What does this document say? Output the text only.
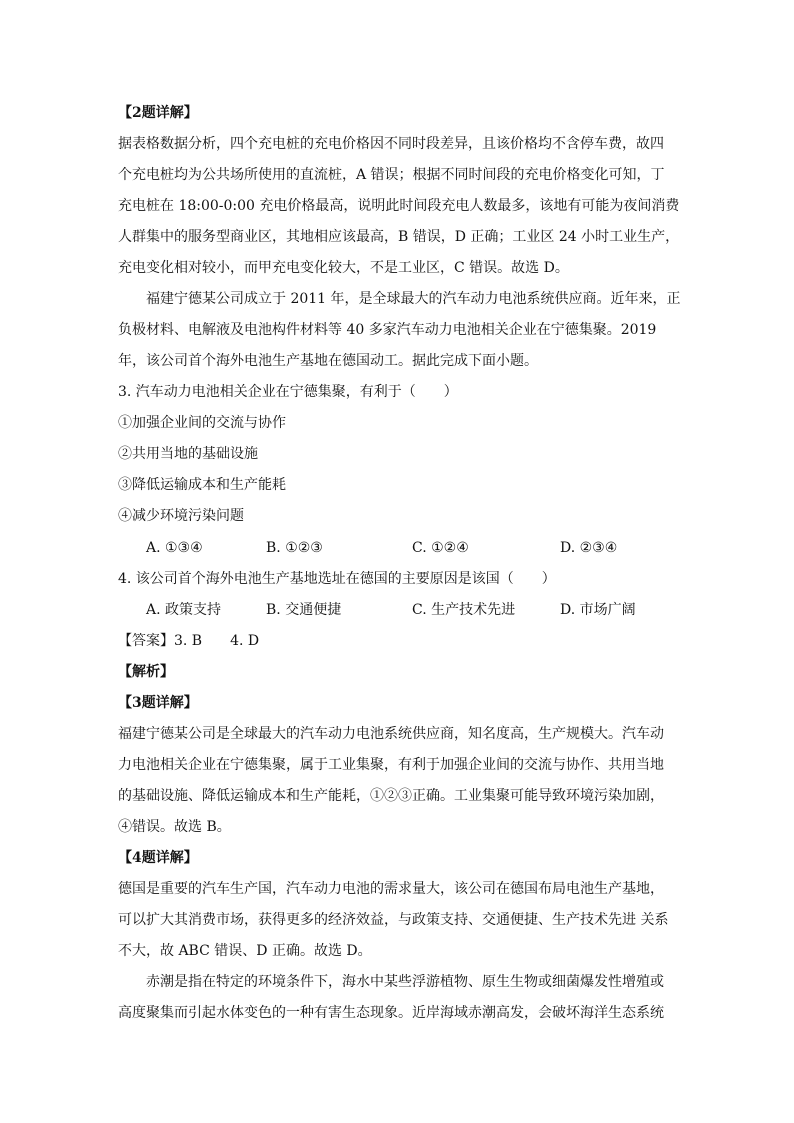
【2题详解】
据表格数据分析，四个充电桩的充电价格因不同时段差异，且该价格均不含停车费，故四
个充电桩均为公共场所使用的直流桩，A 错误；根据不同时间段的充电价格变化可知，丁
充电桩在 18:00-0:00 充电价格最高，说明此时间段充电人数最多，该地有可能为夜间消费
人群集中的服务型商业区，其地相应该最高，B 错误，D 正确；工业区 24 小时工业生产，
充电变化相对较小，而甲充电变化较大，不是工业区，C 错误。故选 D。
福建宁德某公司成立于 2011 年，是全球最大的汽车动力电池系统供应商。近年来，正
负极材料、电解液及电池构件材料等 40 多家汽车动力电池相关企业在宁德集聚。2019
年，该公司首个海外电池生产基地在德国动工。据此完成下面小题。
3. 汽车动力电池相关企业在宁德集聚，有利于（　　）
①加强企业间的交流与协作
②共用当地的基础设施
③降低运输成本和生产能耗
④减少环境污染问题
A. ①③④	B. ①②③	C. ①②④	D. ②③④
4. 该公司首个海外电池生产基地选址在德国的主要原因是该国（　　）
A. 政策支持	B. 交通便捷	C. 生产技术先进	D. 市场广阔
【答案】3. B　　4. D
【解析】
【3题详解】
福建宁德某公司是全球最大的汽车动力电池系统供应商，知名度高，生产规模大。汽车动
力电池相关企业在宁德集聚，属于工业集聚，有利于加强企业间的交流与协作、共用当地
的基础设施、降低运输成本和生产能耗，①②③正确。工业集聚可能导致环境污染加剧，
④错误。故选 B。
【4题详解】
德国是重要的汽车生产国，汽车动力电池的需求量大，该公司在德国布局电池生产基地，
可以扩大其消费市场，获得更多的经济效益，与政策支持、交通便捷、生产技术先进 关系
不大，故 ABC 错误、D 正确。故选 D。
赤潮是指在特定的环境条件下，海水中某些浮游植物、原生生物或细菌爆发性增殖或
高度聚集而引起水体变色的一种有害生态现象。近岸海域赤潮高发，会破坏海洋生态系统
